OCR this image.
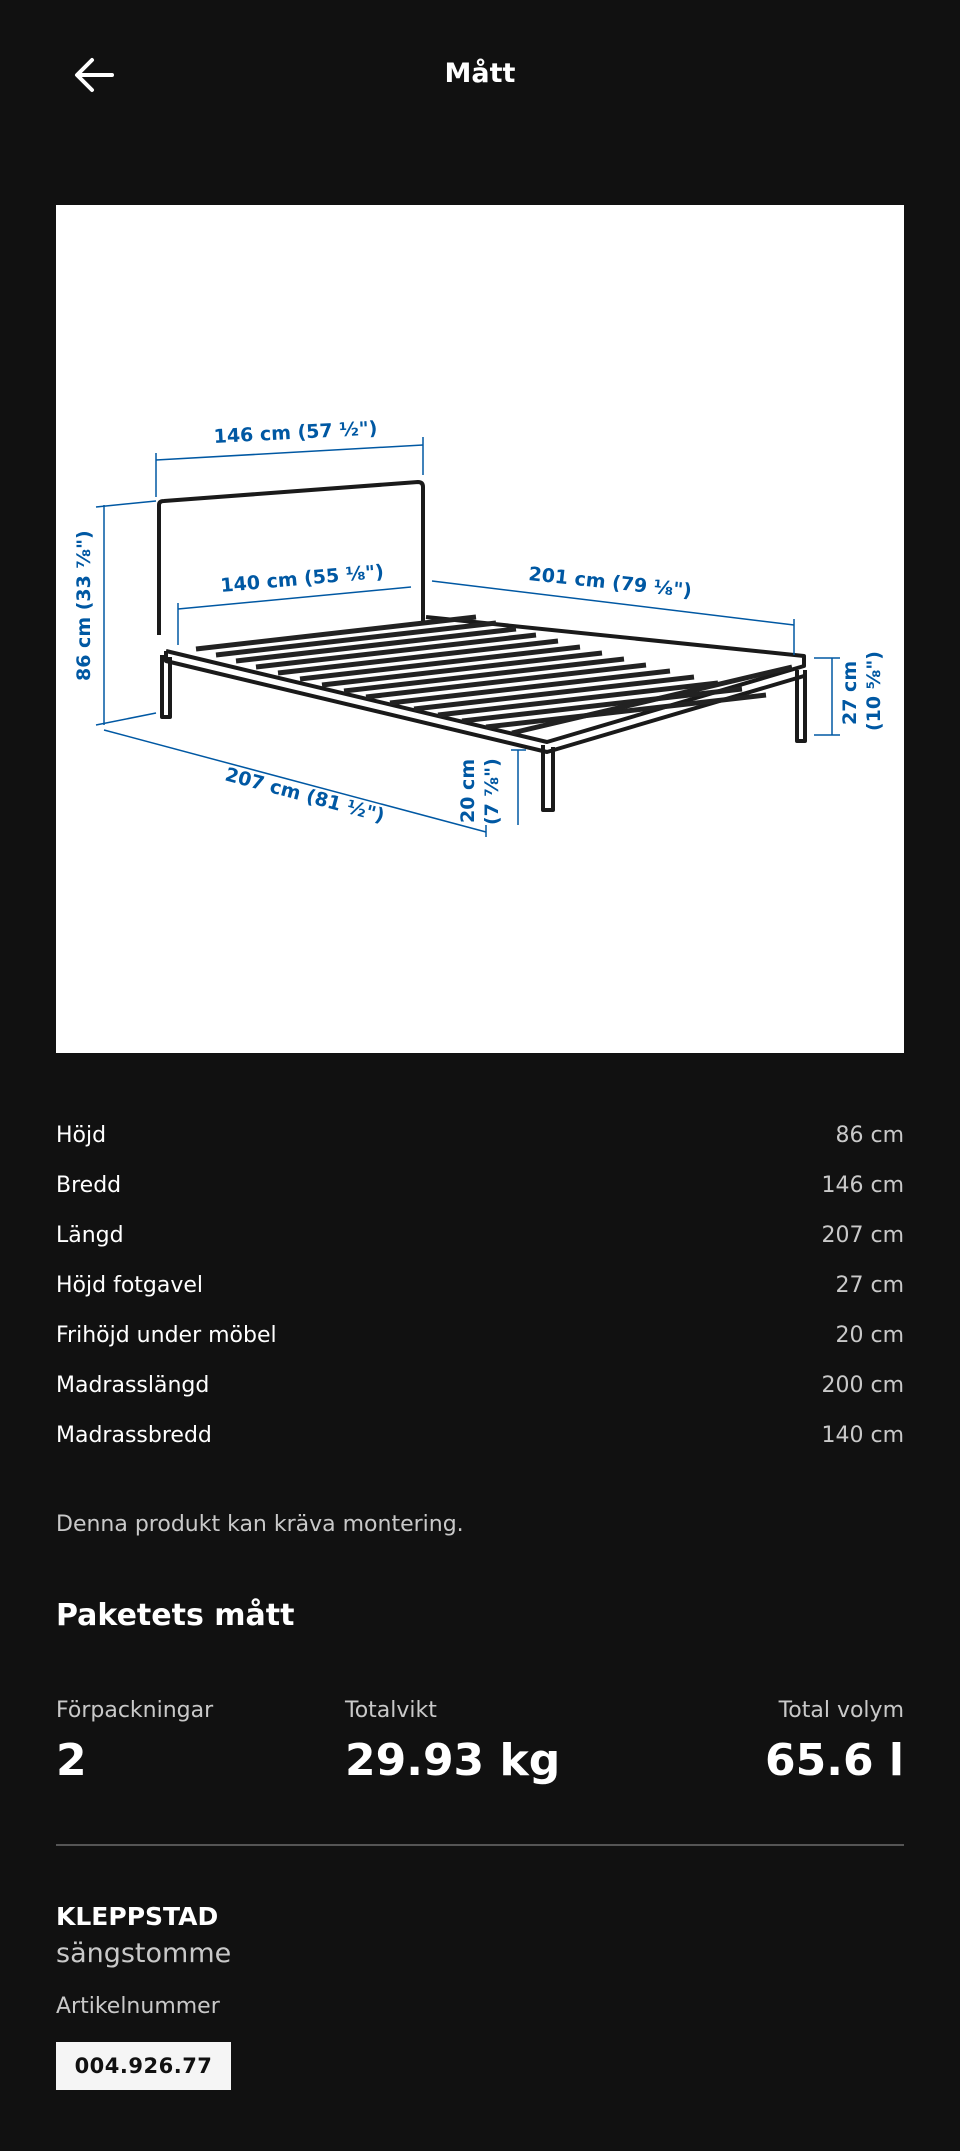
Mått
146 cm (57 ½")
140 cm (55 ⅛")	201 cm (79 ⅛")
86 cm (33 ⅞")
207 cm (81 ½")	20 cm (7 ⅞")
27 cm (10 ⅝")
Höjd	86 cm
Bredd	146 cm
Längd	207 cm
Höjd fotgavel	27 cm
Frihöjd under möbel	20 cm
Madrasslängd	200 cm
Madrassbredd	140 cm
Denna produkt kan kräva montering.
Paketets mått
Förpackningar
2
Totalvikt
29.93 kg
Total volym
65.6 l
KLEPPSTAD
sängstomme
Artikelnummer
004.926.77
